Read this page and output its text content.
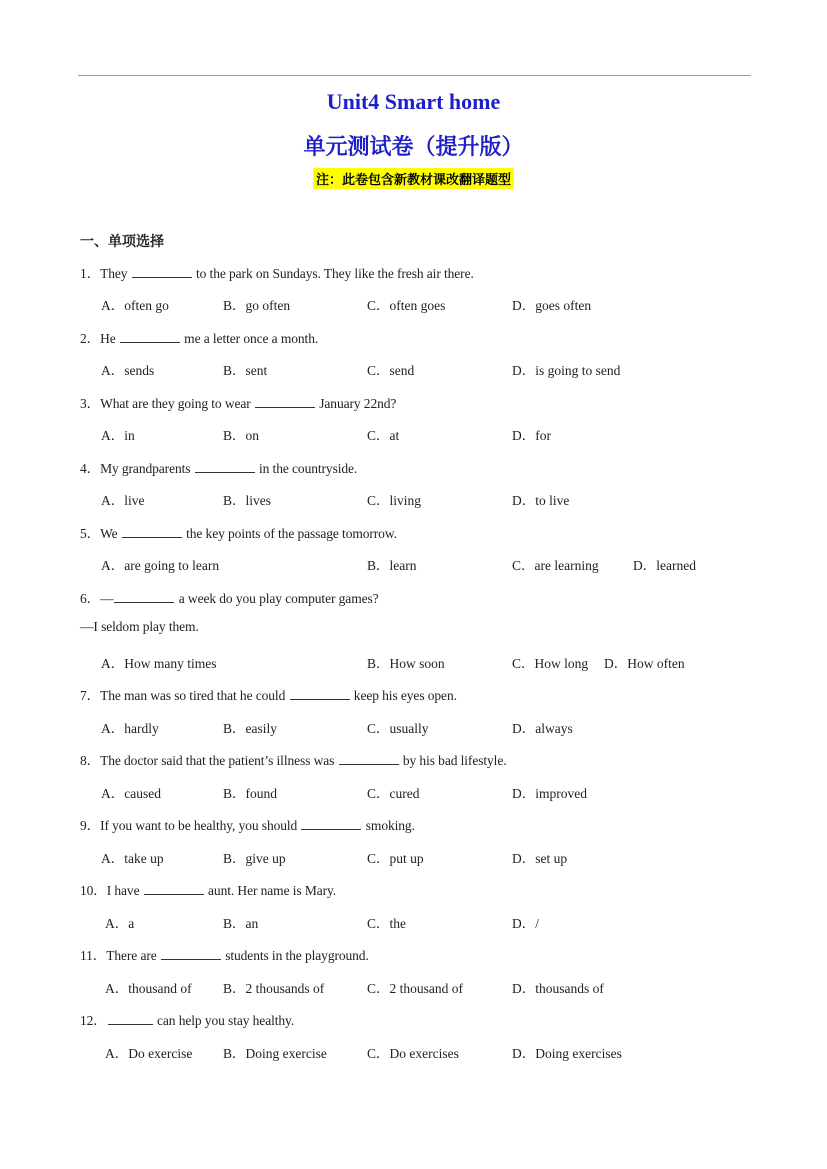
Unit4 Smart home
单元测试卷（提升版）
注：此卷包含新教材课改翻译题型
一、单项选择
1．They	to the park on Sundays. They like the fresh air there.
A．often go	B．go often	C．often goes	D．goes often
2．He	me a letter once a month.
A．sends	B．sent	C．send	D．is going to send
3．What are they going to wear	January 22nd?
A．in	B．on	C．at	D．for
4．My grandparents	in the countryside.
A．live	B．lives	C．living	D．to live
5．We	the key points of the passage tomorrow.
A．are going to learn	B．learn	C．are learning	D．learned
6．—	a week do you play computer games?
—I seldom play them.
A．How many times	B．How soon	C．How long D．How often
7．The man was so tired that he could	keep his eyes open.
A．hardly	B．easily	C．usually	D．always
8．The doctor said that the patient’s illness was	by his bad lifestyle.
A．caused	B．found	C．cured	D．improved
9．If you want to be healthy, you should	smoking.
A．take up	B．give up	C．put up	D．set up
10．I have	aunt. Her name is Mary.
A．a	B．an	C．the	D．/
11．There are	students in the playground.
A．thousand of B．2 thousands of	C．2 thousand of	D．thousands of
12．	can help you stay healthy.
A．Do exercise B．Doing exercise	C．Do exercises	D．Doing exercises
